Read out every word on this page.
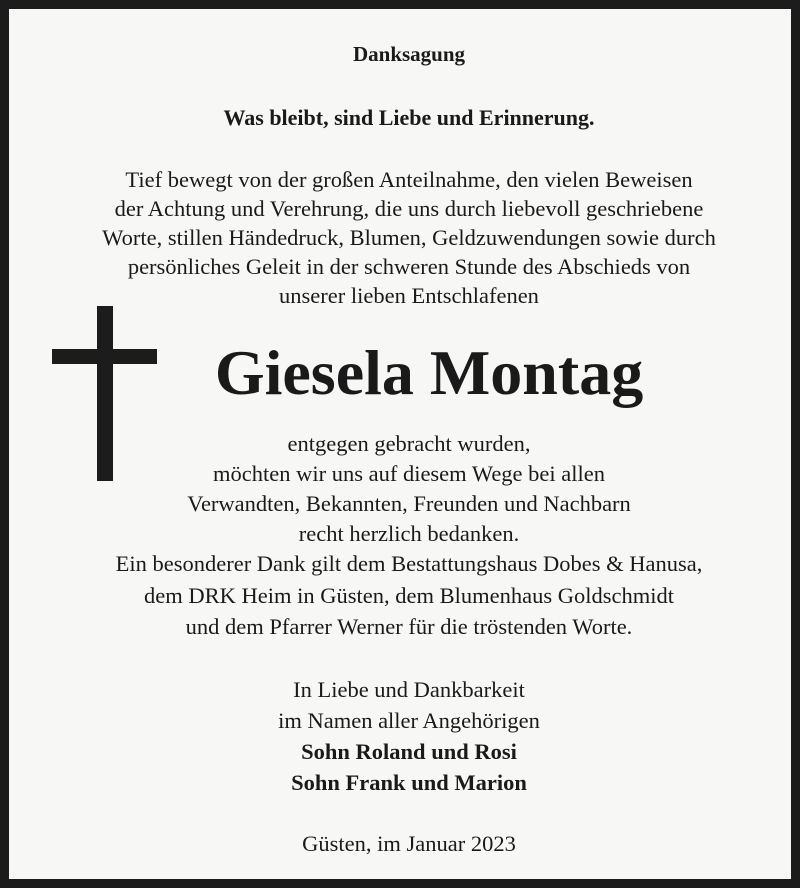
Danksagung
Was bleibt, sind Liebe und Erinnerung.
Tief bewegt von der großen Anteilnahme, den vielen Beweisen
der Achtung und Verehrung, die uns durch liebevoll geschriebene
Worte, stillen Händedruck, Blumen, Geldzuwendungen sowie durch
persönliches Geleit in der schweren Stunde des Abschieds von
unserer lieben Entschlafenen
Giesela Montag
entgegen gebracht wurden,
möchten wir uns auf diesem Wege bei allen
Verwandten, Bekannten, Freunden und Nachbarn
recht herzlich bedanken.
Ein besonderer Dank gilt dem Bestattungshaus Dobes & Hanusa,
dem DRK Heim in Güsten, dem Blumenhaus Goldschmidt
und dem Pfarrer Werner für die tröstenden Worte.
In Liebe und Dankbarkeit
im Namen aller Angehörigen
Sohn Roland und Rosi
Sohn Frank und Marion
Güsten, im Januar 2023
